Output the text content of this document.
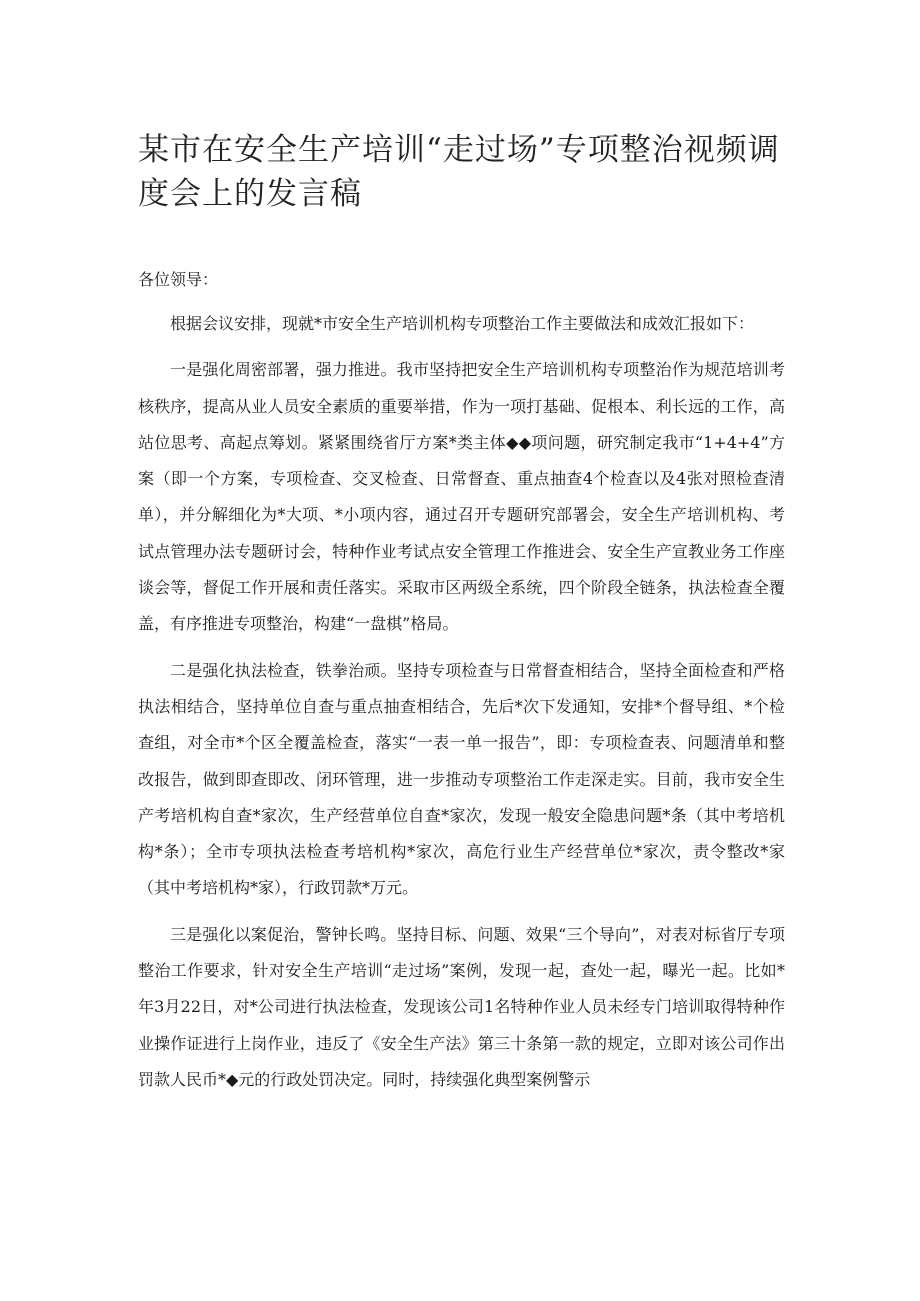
某市在安全生产培训“走过场”专项整治视频调度会上的发言稿

各位领导：

根据会议安排，现就*市安全生产培训机构专项整治工作主要做法和成效汇报如下：

一是强化周密部署，强力推进。我市坚持把安全生产培训机构专项整治作为规范培训考核秩序，提高从业人员安全素质的重要举措，作为一项打基础、促根本、利长远的工作，高站位思考、高起点筹划。紧紧围绕省厅方案*类主体◆◆项问题，研究制定我市“1+4+4”方案（即一个方案，专项检查、交叉检查、日常督查、重点抽查4个检查以及4张对照检查清单），并分解细化为*大项、*小项内容，通过召开专题研究部署会，安全生产培训机构、考试点管理办法专题研讨会，特种作业考试点安全管理工作推进会、安全生产宣教业务工作座谈会等，督促工作开展和责任落实。采取市区两级全系统，四个阶段全链条，执法检查全覆盖，有序推进专项整治，构建“一盘棋”格局。

二是强化执法检查，铁拳治顽。坚持专项检查与日常督查相结合，坚持全面检查和严格执法相结合，坚持单位自查与重点抽查相结合，先后*次下发通知，安排*个督导组、*个检查组，对全市*个区全覆盖检查，落实“一表一单一报告”，即：专项检查表、问题清单和整改报告，做到即查即改、闭环管理，进一步推动专项整治工作走深走实。目前，我市安全生产考培机构自查*家次，生产经营单位自查*家次，发现一般安全隐患问题*条（其中考培机构*条）；全市专项执法检查考培机构*家次，高危行业生产经营单位*家次，责令整改*家（其中考培机构*家），行政罚款*万元。

三是强化以案促治，警钟长鸣。坚持目标、问题、效果“三个导向”，对表对标省厅专项整治工作要求，针对安全生产培训“走过场”案例，发现一起，查处一起，曝光一起。比如*年3月22日，对*公司进行执法检查，发现该公司1名特种作业人员未经专门培训取得特种作业操作证进行上岗作业，违反了《安全生产法》第三十条第一款的规定，立即对该公司作出罚款人民币*◆元的行政处罚决定。同时，持续强化典型案例警示
